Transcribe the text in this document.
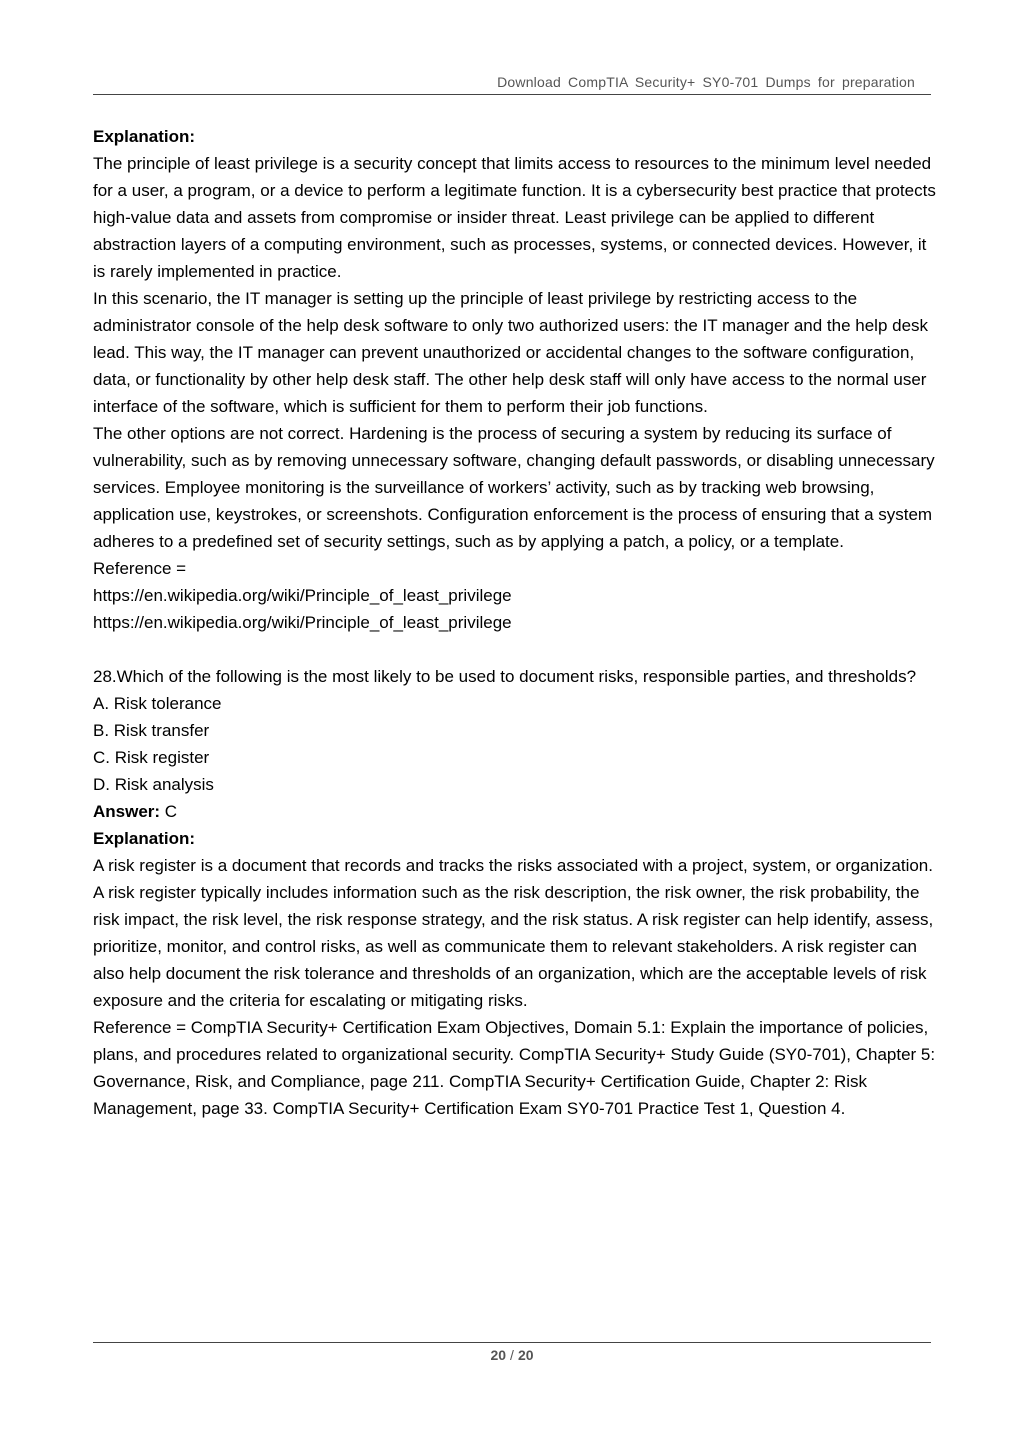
Download CompTIA Security+ SY0-701 Dumps for preparation

Explanation:

The principle of least privilege is a security concept that limits access to resources to the minimum level needed for a user, a program, or a device to perform a legitimate function. It is a cybersecurity best practice that protects high-value data and assets from compromise or insider threat. Least privilege can be applied to different abstraction layers of a computing environment, such as processes, systems, or connected devices. However, it is rarely implemented in practice.

In this scenario, the IT manager is setting up the principle of least privilege by restricting access to the administrator console of the help desk software to only two authorized users: the IT manager and the help desk lead. This way, the IT manager can prevent unauthorized or accidental changes to the software configuration, data, or functionality by other help desk staff. The other help desk staff will only have access to the normal user interface of the software, which is sufficient for them to perform their job functions.

The other options are not correct. Hardening is the process of securing a system by reducing its surface of vulnerability, such as by removing unnecessary software, changing default passwords, or disabling unnecessary services. Employee monitoring is the surveillance of workers’ activity, such as by tracking web browsing, application use, keystrokes, or screenshots. Configuration enforcement is the process of ensuring that a system adheres to a predefined set of security settings, such as by applying a patch, a policy, or a template.

Reference =

https://en.wikipedia.org/wiki/Principle_of_least_privilege

https://en.wikipedia.org/wiki/Principle_of_least_privilege

28.Which of the following is the most likely to be used to document risks, responsible parties, and thresholds?

A. Risk tolerance

B. Risk transfer

C. Risk register

D. Risk analysis

Answer: C

Explanation:

A risk register is a document that records and tracks the risks associated with a project, system, or organization. A risk register typically includes information such as the risk description, the risk owner, the risk probability, the risk impact, the risk level, the risk response strategy, and the risk status. A risk register can help identify, assess, prioritize, monitor, and control risks, as well as communicate them to relevant stakeholders. A risk register can also help document the risk tolerance and thresholds of an organization, which are the acceptable levels of risk exposure and the criteria for escalating or mitigating risks.

Reference = CompTIA Security+ Certification Exam Objectives, Domain 5.1: Explain the importance of policies, plans, and procedures related to organizational security. CompTIA Security+ Study Guide (SY0-701), Chapter 5: Governance, Risk, and Compliance, page 211. CompTIA Security+ Certification Guide, Chapter 2: Risk Management, page 33. CompTIA Security+ Certification Exam SY0-701 Practice Test 1, Question 4.

20 / 20
